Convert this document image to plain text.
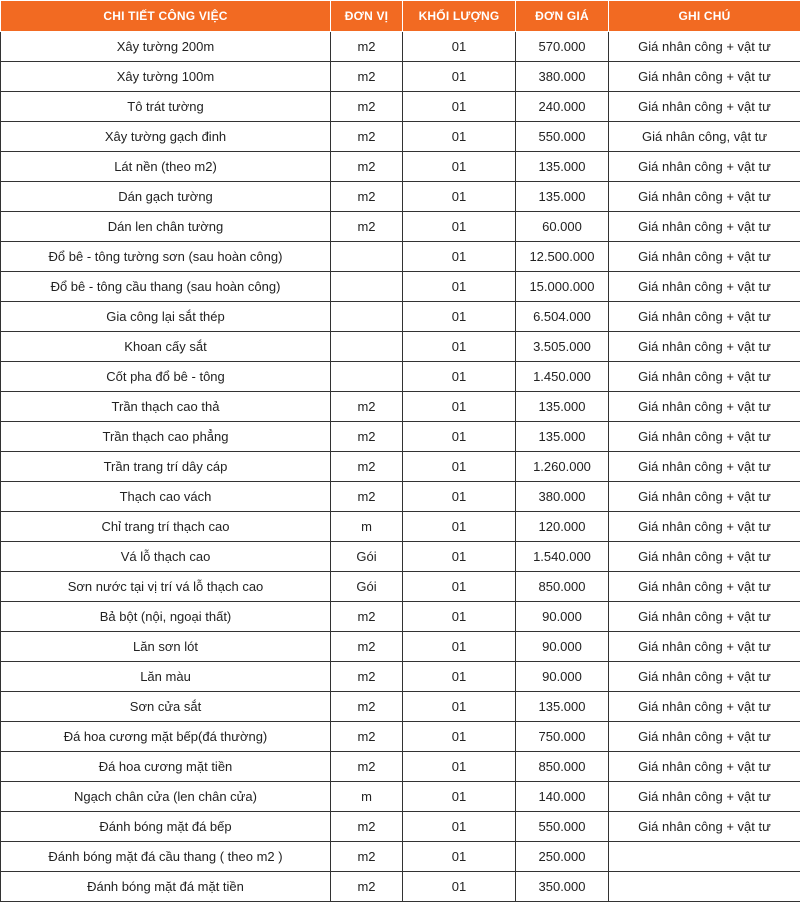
CHI TIẾT CÔNG VIỆC	ĐƠN VỊ	KHỐI LƯỢNG	ĐƠN GIÁ	GHI CHÚ
Xây tường 200m	m2	01	570.000	Giá nhân công + vật tư
Xây tường 100m	m2	01	380.000	Giá nhân công + vật tư
Tô trát tường	m2	01	240.000	Giá nhân công + vật tư
Xây tường gạch đinh	m2	01	550.000	Giá nhân công, vật tư
Lát nền (theo m2)	m2	01	135.000	Giá nhân công + vật tư
Dán gạch tường	m2	01	135.000	Giá nhân công + vật tư
Dán len chân tường	m2	01	60.000	Giá nhân công + vật tư
Đổ bê - tông tường sơn (sau hoàn công)		01	12.500.000	Giá nhân công + vật tư
Đổ bê - tông cầu thang (sau hoàn công)		01	15.000.000	Giá nhân công + vật tư
Gia công lại sắt thép		01	6.504.000	Giá nhân công + vật tư
Khoan cấy sắt		01	3.505.000	Giá nhân công + vật tư
Cốt pha đổ bê - tông		01	1.450.000	Giá nhân công + vật tư
Trần thạch cao thả	m2	01	135.000	Giá nhân công + vật tư
Trần thạch cao phẳng	m2	01	135.000	Giá nhân công + vật tư
Trần trang trí dây cáp	m2	01	1.260.000	Giá nhân công + vật tư
Thạch cao vách	m2	01	380.000	Giá nhân công + vật tư
Chỉ trang trí thạch cao	m	01	120.000	Giá nhân công + vật tư
Vá lỗ thạch cao	Gói	01	1.540.000	Giá nhân công + vật tư
Sơn nước tại vị trí vá lỗ thạch cao	Gói	01	850.000	Giá nhân công + vật tư
Bả bột (nội, ngoại thất)	m2	01	90.000	Giá nhân công + vật tư
Lăn sơn lót	m2	01	90.000	Giá nhân công + vật tư
Lăn màu	m2	01	90.000	Giá nhân công + vật tư
Sơn cửa sắt	m2	01	135.000	Giá nhân công + vật tư
Đá hoa cương mặt bếp(đá thường)	m2	01	750.000	Giá nhân công + vật tư
Đá hoa cương mặt tiền	m2	01	850.000	Giá nhân công + vật tư
Ngạch chân cửa (len chân cửa)	m	01	140.000	Giá nhân công + vật tư
Đánh bóng mặt đá bếp	m2	01	550.000	Giá nhân công + vật tư
Đánh bóng mặt đá cầu thang ( theo m2 )	m2	01	250.000	
Đánh bóng mặt đá mặt tiền	m2	01	350.000	
